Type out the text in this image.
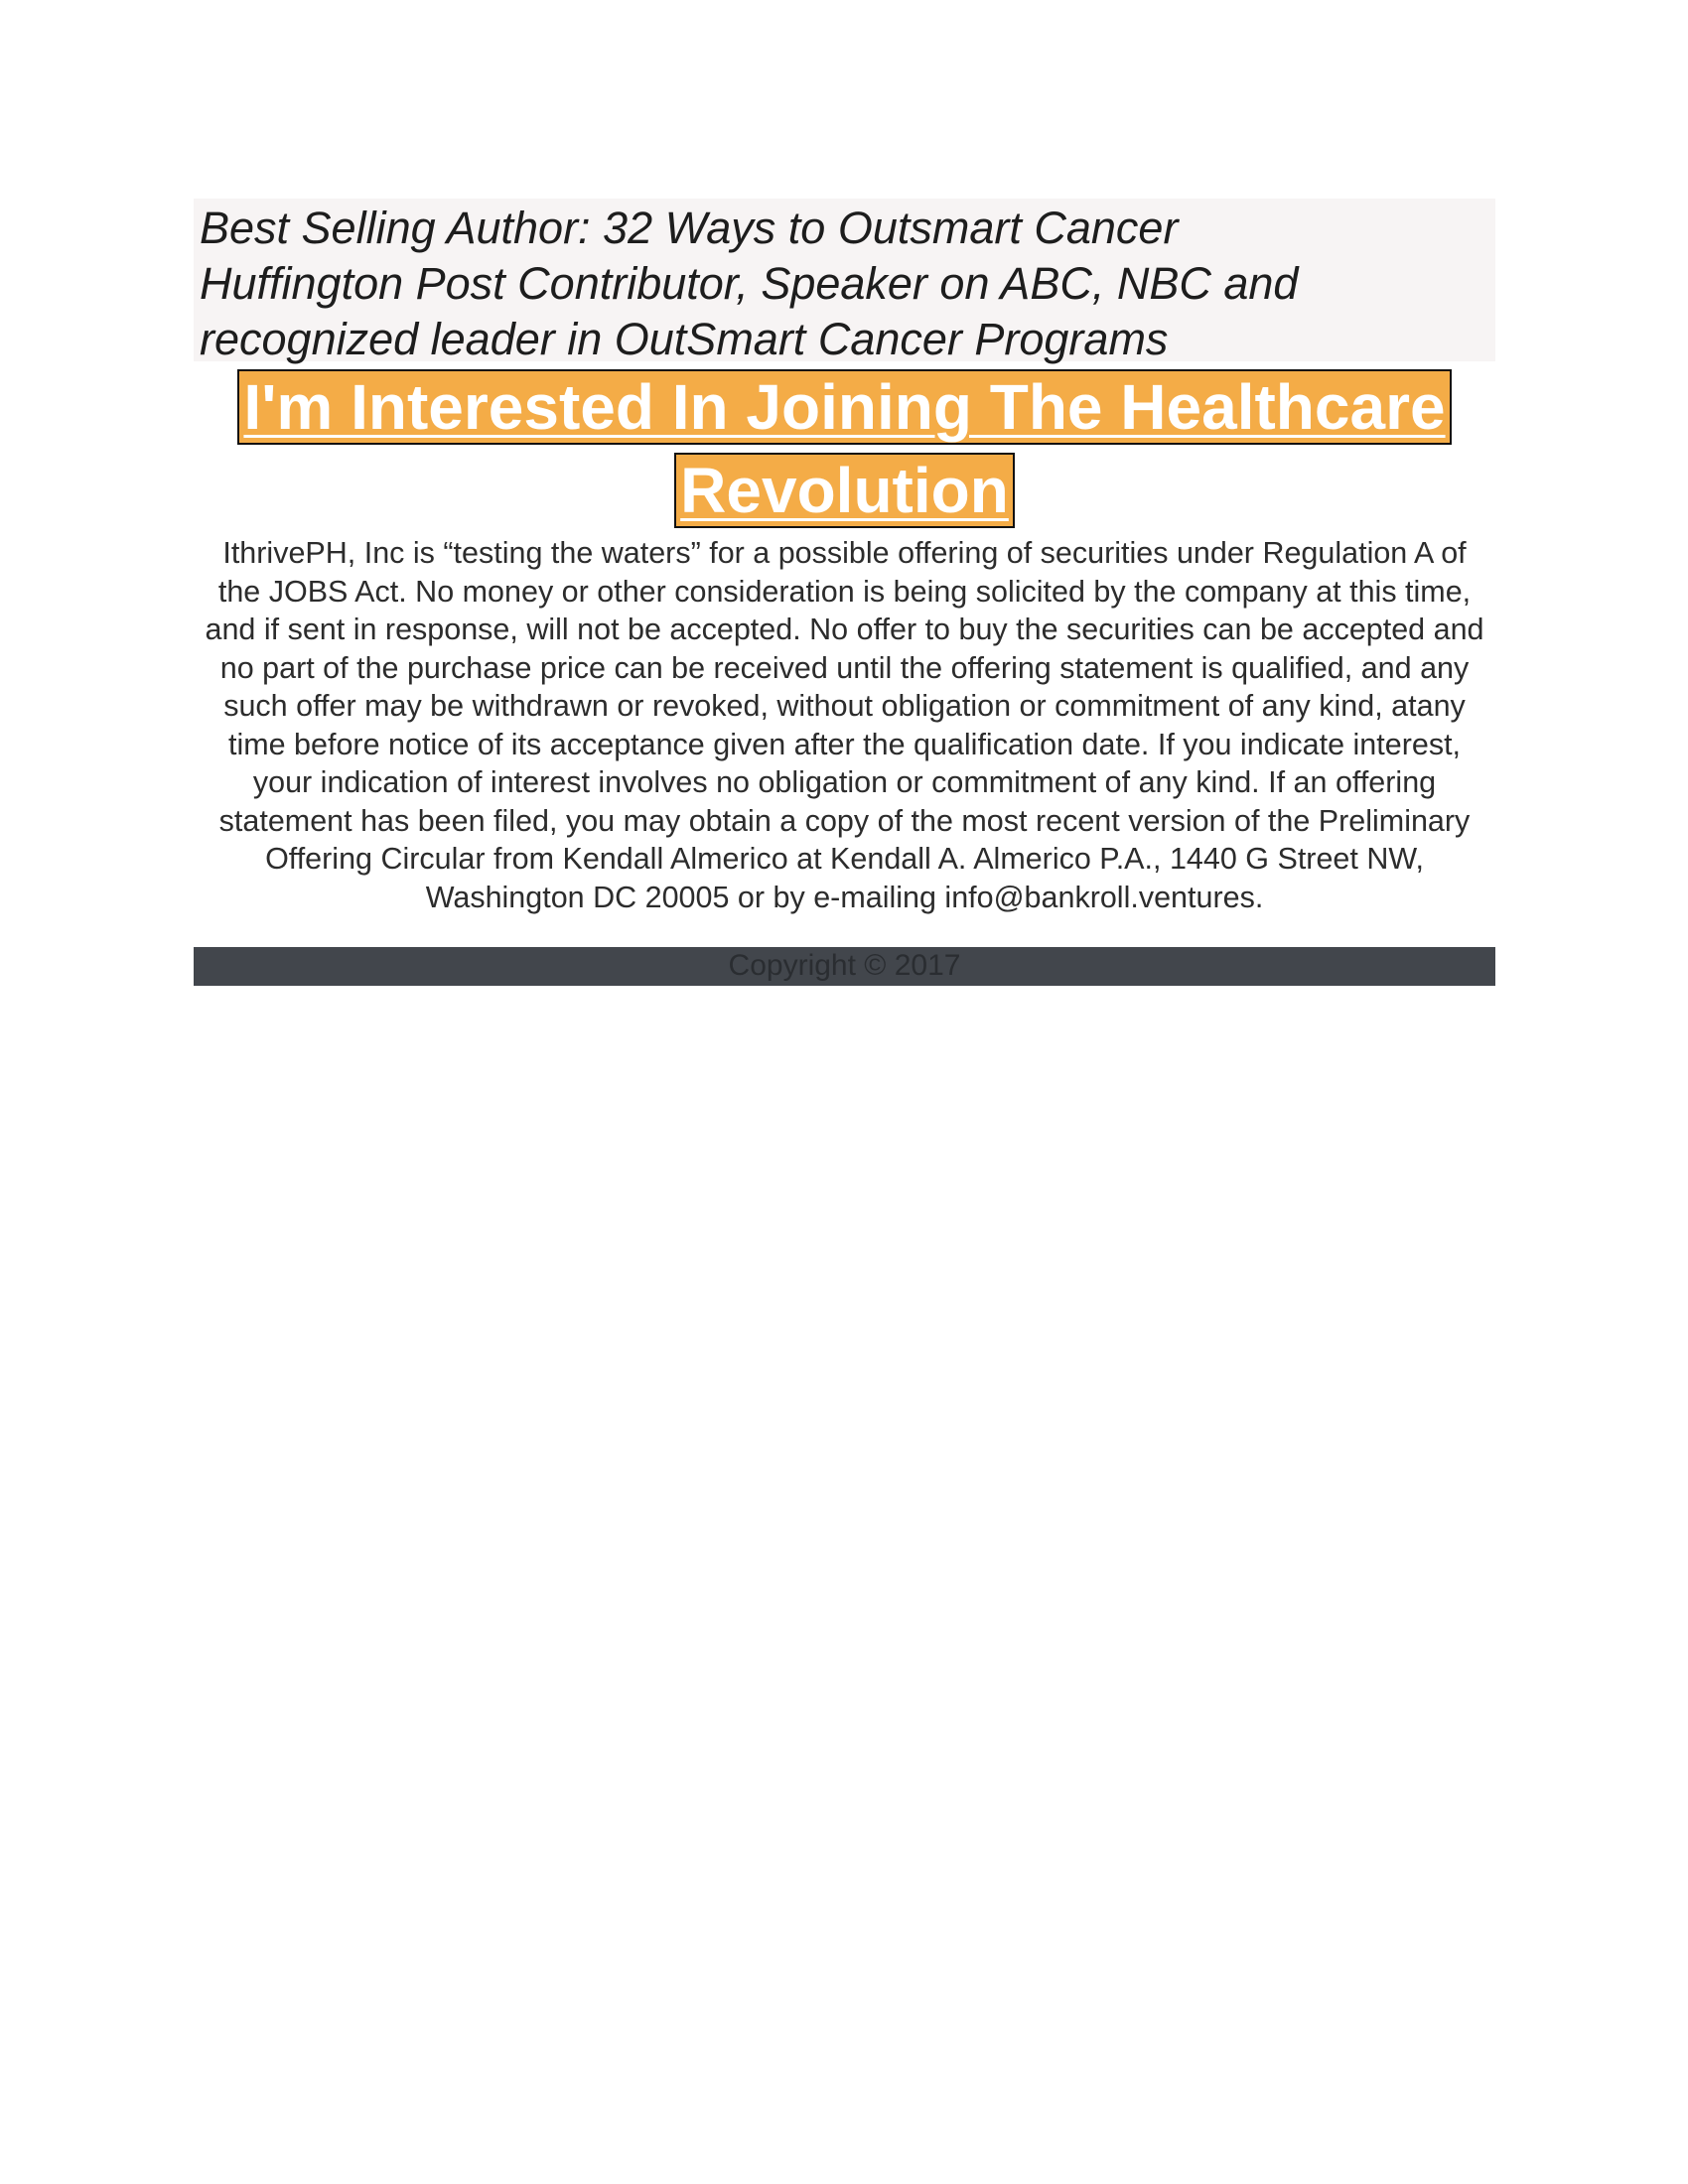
Best Selling Author: 32 Ways to Outsmart Cancer
Huffington Post Contributor, Speaker on ABC, NBC and
recognized leader in OutSmart Cancer Programs
I'm Interested In Joining The Healthcare Revolution

IthrivePH, Inc is “testing the waters” for a possible offering of securities under Regulation A of the JOBS Act. No money or other consideration is being solicited by the company at this time, and if sent in response, will not be accepted. No offer to buy the securities can be accepted and no part of the purchase price can be received until the offering statement is qualified, and any such offer may be withdrawn or revoked, without obligation or commitment of any kind, atany time before notice of its acceptance given after the qualification date. If you indicate interest, your indication of interest involves no obligation or commitment of any kind. If an offering statement has been filed, you may obtain a copy of the most recent version of the Preliminary Offering Circular from Kendall Almerico at Kendall A. Almerico P.A., 1440 G Street NW, Washington DC 20005 or by e-mailing info@bankroll.ventures.

Copyright © 2017
